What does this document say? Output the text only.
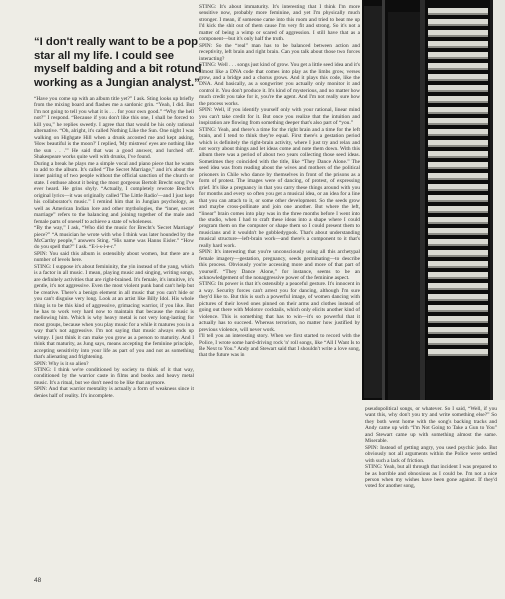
“I don't really want to be a pop star all my life. I could see myself balding and a bit rotund working as a Jungian analyst.”

“Have you come up with an album title yet?” I ask. Sting looks up briefly from the mixing board and flashes me a sardonic grin. “Yeah, I did. But I'm not going to tell you what it is . . . for your own good.” “Why the hell not?” I respond. “Because if you don't like this one, I shall be forced to kill you,” he replies sweetly. I agree that that would be his only rational alternative. “Oh, alright, it's called Nothing Like the Sun. One night I was walking on Highgate Hill when a drunk accosted me and kept asking, 'How beautiful is the moon?' I replied, 'My mistress' eyes are nothing like the sun . . .'” He said that was a good answer, and lurched off. Shakespeare works quite well with drunks, I've found.

During a break he plays me a simple vocal and piano piece that he wants to add to the album. It's called “The Secret Marriage,” and it's about the inner pairing of two people without the official sanction of the church or state. I enthuse about it being the most gorgeous Bertolt Brecht song I've ever heard. He grins shyly. “Actually, I completely rewrote Brecht's original lyrics—it was originally called 'The Little Radio'—and I just kept his collaborator's music.” I remind him that in Jungian psychology, as well as American Indian lore and other mythologies, the “inner, secret marriage” refers to the balancing and joining together of the male and female parts of oneself to achieve a state of wholeness.

“By the way,” I ask, “Who did the music for Brecht's 'Secret Marriage' piece?” “A musician he wrote with who I think was later hounded by the McCarthy people,” answers Sting. “His name was Hanns Eisler.” “How do you spell that?” I ask. “E-i-s-l-e-r.”

SPIN: You said this album is ostensibly about women, but there are a number of levels here.

STING: I suppose it's about femininity, the yin instead of the yang, which is a factor in all music. I mean, playing music and singing, writing songs, are definitely activities that are right-brained. It's female, it's intuitive, it's gentle, it's not aggressive. Even the most violent punk band can't help but be creative. There's a benign element in all music that you can't hide or you can't disguise very long. Look at an artist like Billy Idol. His whole thing is to be this kind of aggressive, grimacing warrior, if you like. But he has to work very hard now to maintain that because the music is mellowing him. Which is why heavy metal is not very long-lasting for most groups, because when you play music for a while it matures you in a way that's not aggressive. I'm not saying that music always ends up wimpy. I just think it can make you grow as a person to maturity. And I think that maturity, as Jung says, means accepting the feminine principle, accepting sensitivity into your life as part of you and not as something that's alienating and frightening.

SPIN: Why is it so alien?

STING: I think we're conditioned by society to think of it that way, conditioned by the warrior caste in films and books and heavy metal music. It's a ritual, but we don't need to be like that anymore.

SPIN: And that warrior mentality is actually a form of weakness since it denies half of reality. It's incomplete.

STING: It's about immaturity. It's interesting that I think I'm more sensitive now, probably more feminine, and yet I'm physically much stronger. I mean, if someone came into this room and tried to beat me up I'd kick the shit out of them cause I'm very fit and strong. So it's not a matter of being a wimp or scared of aggression. I still have that as a component—but it's only half the truth.

SPIN: So the “real” man has to be balanced between action and receptivity, left brain and right brain. Can you talk about those two forces interacting?

STING: Well . . . songs just kind of grow. You get a little seed idea and it's almost like a DNA code that comes into play as the limbs grow, verses grow, and a bridge and a chorus grows. And it plays this code, like the DNA. And basically, as a songwriter you actually only monitor it and control it. You don't produce it. It's kind of mysterious, and no matter how much credit you take for it, you're the agent. And I'm not really sure how the process works.

SPIN: Well, if you identify yourself only with your rational, linear mind you can't take credit for it. But once you realize that the intuition and inspiration are flowing from something deeper that's also part of “you.”

STING: Yeah, and there's a time for the right brain and a time for the left brain, and I tend to think they're equal. First there's a gestation period which is definitely the right-brain activity, where I just try and relax and not worry about things and let ideas come and note them down. With this album there was a period of about two years collecting those seed ideas. Sometimes they coincided with the title, like “They Dance Alone.” The seed idea was from reading about the wives and mothers of the political prisoners in Chile who dance by themselves in front of the prisons as a form of protest. The images were of dancing, of protest, of expressing grief. It's like a pregnancy in that you carry these things around with you for months and every so often you get a musical idea, or an idea for a line that you can attach to it, or some other development. So the seeds grow and maybe cross-pollinate and join one another. But where the left, “linear” brain comes into play was in the three months before I went into the studio, when I had to craft these ideas into a shape where I could program them on the computer or shape them so I could present them to musicians and it wouldn't be gobbledygook. That's about understanding musical structure—left-brain work—and there's a component to it that's really hard work.

SPIN: It's interesting that you're unconsciously using all this archetypal female imagery—gestation, pregnancy, seeds germinating—to describe this process. Obviously you're accessing more and more of that part of yourself. “They Dance Alone,” for instance, seems to be an acknowledgement of the nonaggressive power of the feminine aspect.

STING: Its power is that it's ostensibly a peaceful gesture. It's innocent in a way. Security forces can't arrest you for dancing, although I'm sure they'd like to. But this is such a powerful image, of women dancing with pictures of their loved ones pinned on their arms and clothes instead of going out there with Molotov cocktails, which only elicits another kind of violence. This is something that has to win—it's so powerful that it actually has to succeed. Whereas terrorism, no matter how justified by previous violence, will never work.

I'll tell you an interesting story. When we first started to record with the Police, I wrote some hard-driving rock 'n' roll songs, like “All I Want Is to Be Next to You.” Andy and Stewart said that I shouldn't write a love song, that the future was in

pseudopolitical songs, or whatever. So I said, “Well, if you want this, why don't you try and write something else?” So they both went home with the song's backing tracks and Andy came up with “I'm Not Going to Take a Gun to You” and Stewart came up with something almost the same. Miserable.

SPIN: Instead of getting angry, you used psychic judo. But obviously not all arguments within the Police were settled with such a lack of friction.

STING: Yeah, but all through that incident I was prepared to be as horrible and obnoxious as I could be. I'm not a nice person when my wishes have been gone against. If they'd voted for another song,

48
